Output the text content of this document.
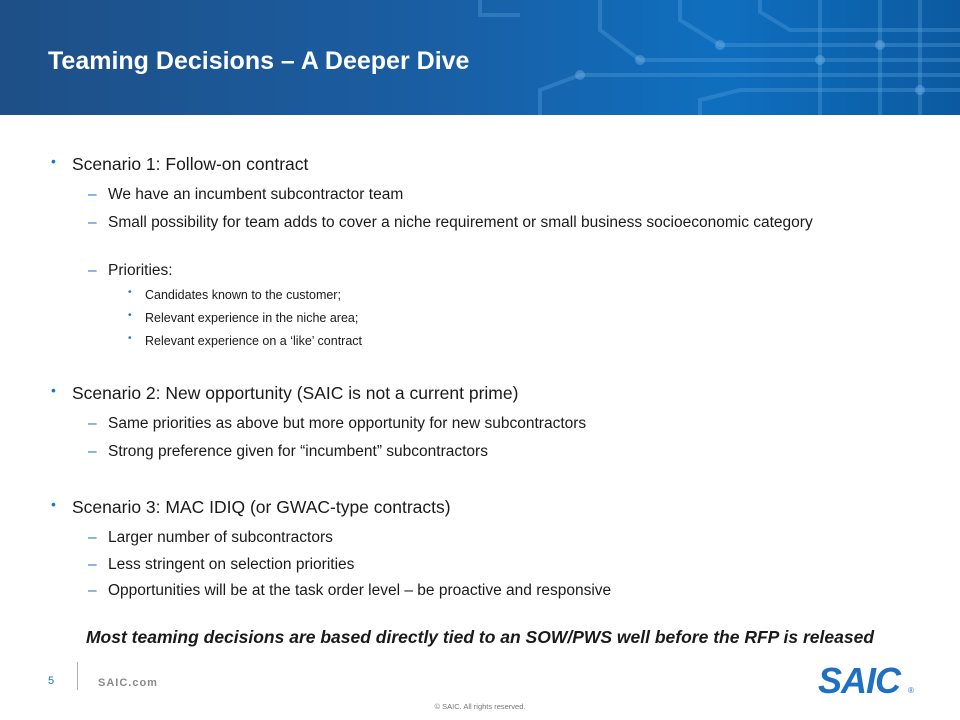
Teaming Decisions – A Deeper Dive
• Scenario 1: Follow-on contract
– We have an incumbent subcontractor team
– Small possibility for team adds to cover a niche requirement or small business socioeconomic category
– Priorities:
• Candidates known to the customer;
• Relevant experience in the niche area;
• Relevant experience on a ‘like’ contract
• Scenario 2: New opportunity (SAIC is not a current prime)
– Same priorities as above but more opportunity for new subcontractors
– Strong preference given for “incumbent” subcontractors
• Scenario 3: MAC IDIQ (or GWAC-type contracts)
– Larger number of subcontractors
– Less stringent on selection priorities
– Opportunities will be at the task order level – be proactive and responsive
Most teaming decisions are based directly tied to an SOW/PWS well before the RFP is released
5	SAIC.com
© SAIC. All rights reserved.
SAIC ®
